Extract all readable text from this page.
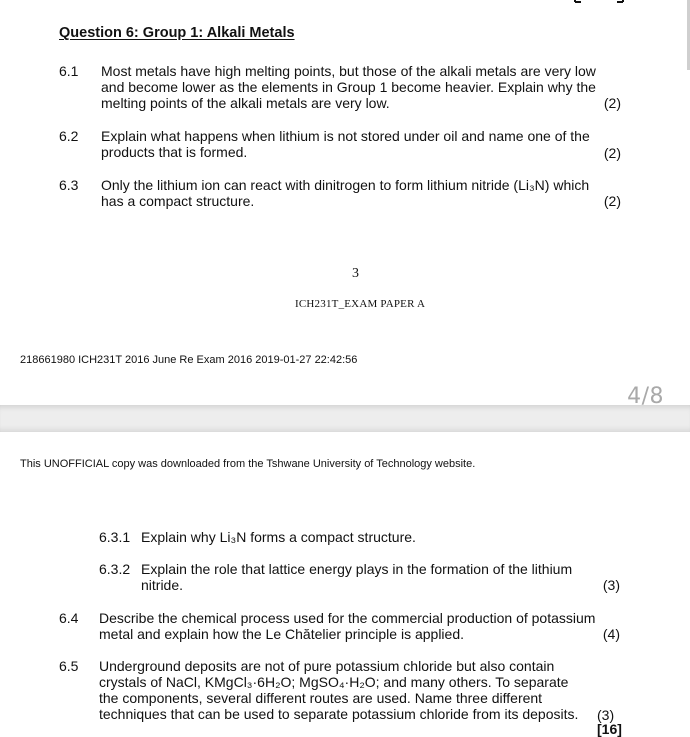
Question 6: Group 1: Alkali Metals
6.1 Most metals have high melting points, but those of the alkali metals are very low
and become lower as the elements in Group 1 become heavier. Explain why the
melting points of the alkali metals are very low.	(2)
6.2 Explain what happens when lithium is not stored under oil and name one of the
products that is formed.	(2)
6.3 Only the lithium ion can react with dinitrogen to form lithium nitride (Li₃N) which
has a compact structure.	(2)
3
ICH231T_EXAM PAPER A
218661980 ICH231T 2016 June Re Exam 2016 2019-01-27 22:42:56
4/8
This UNOFFICIAL copy was downloaded from the Tshwane University of Technology website.
6.3.1 Explain why Li₃N forms a compact structure.
6.3.2 Explain the role that lattice energy plays in the formation of the lithium
nitride.	(3)
6.4 Describe the chemical process used for the commercial production of potassium
metal and explain how the Le Chătelier principle is applied.	(4)
6.5 Underground deposits are not of pure potassium chloride but also contain
crystals of NaCl, KMgCl₃·6H₂O; MgSO₄·H₂O; and many others. To separate
the components, several different routes are used. Name three different
techniques that can be used to separate potassium chloride from its deposits. (3)
[16]
